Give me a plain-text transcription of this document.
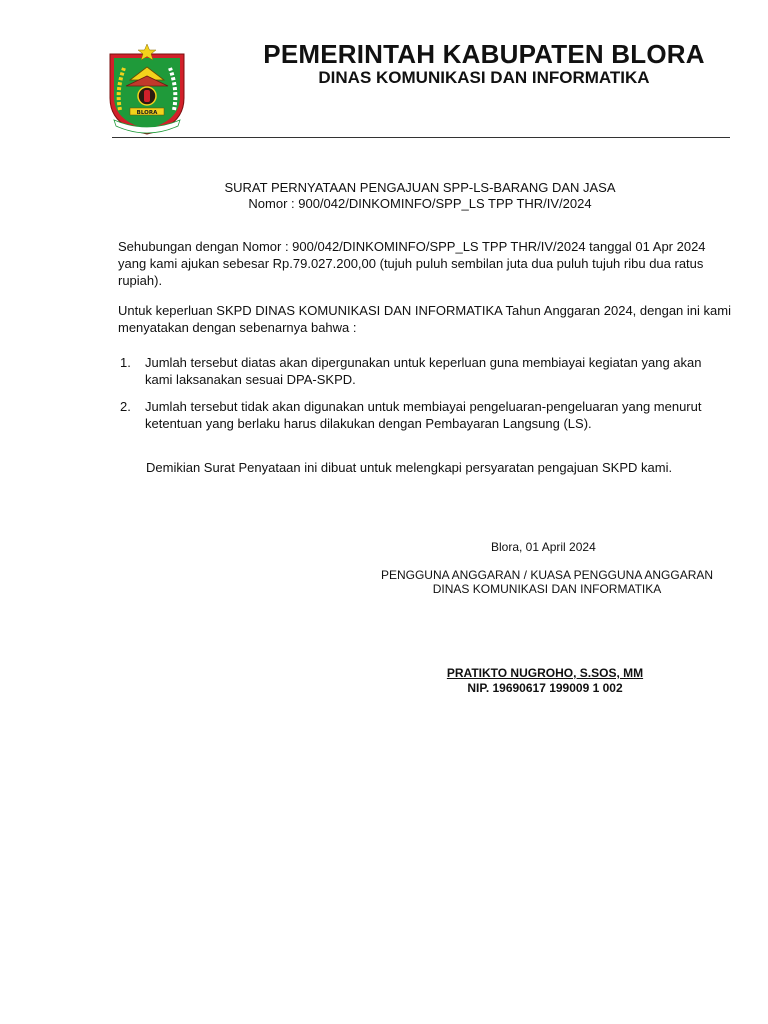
BLORA
PEMERINTAH KABUPATEN BLORA
DINAS KOMUNIKASI DAN INFORMATIKA
SURAT PERNYATAAN PENGAJUAN SPP-LS-BARANG DAN JASA
Nomor : 900/042/DINKOMINFO/SPP_LS TPP THR/IV/2024

Sehubungan dengan Nomor : 900/042/DINKOMINFO/SPP_LS TPP THR/IV/2024 tanggal 01 Apr 2024 yang kami ajukan sebesar Rp.79.027.200,00 (tujuh puluh sembilan juta dua puluh tujuh ribu dua ratus rupiah).

Untuk keperluan SKPD DINAS KOMUNIKASI DAN INFORMATIKA Tahun Anggaran 2024, dengan ini kami menyatakan dengan sebenarnya bahwa :

1. Jumlah tersebut diatas akan dipergunakan untuk keperluan guna membiayai kegiatan yang akan kami laksanakan sesuai DPA-SKPD.
2. Jumlah tersebut tidak akan digunakan untuk membiayai pengeluaran-pengeluaran yang menurut ketentuan yang berlaku harus dilakukan dengan Pembayaran Langsung (LS).

Demikian Surat Penyataan ini dibuat untuk melengkapi persyaratan pengajuan SKPD kami.

Blora, 01 April 2024
PENGGUNA ANGGARAN / KUASA PENGGUNA ANGGARAN
DINAS KOMUNIKASI DAN INFORMATIKA
PRATIKTO NUGROHO, S.SOS, MM
NIP. 19690617 199009 1 002
